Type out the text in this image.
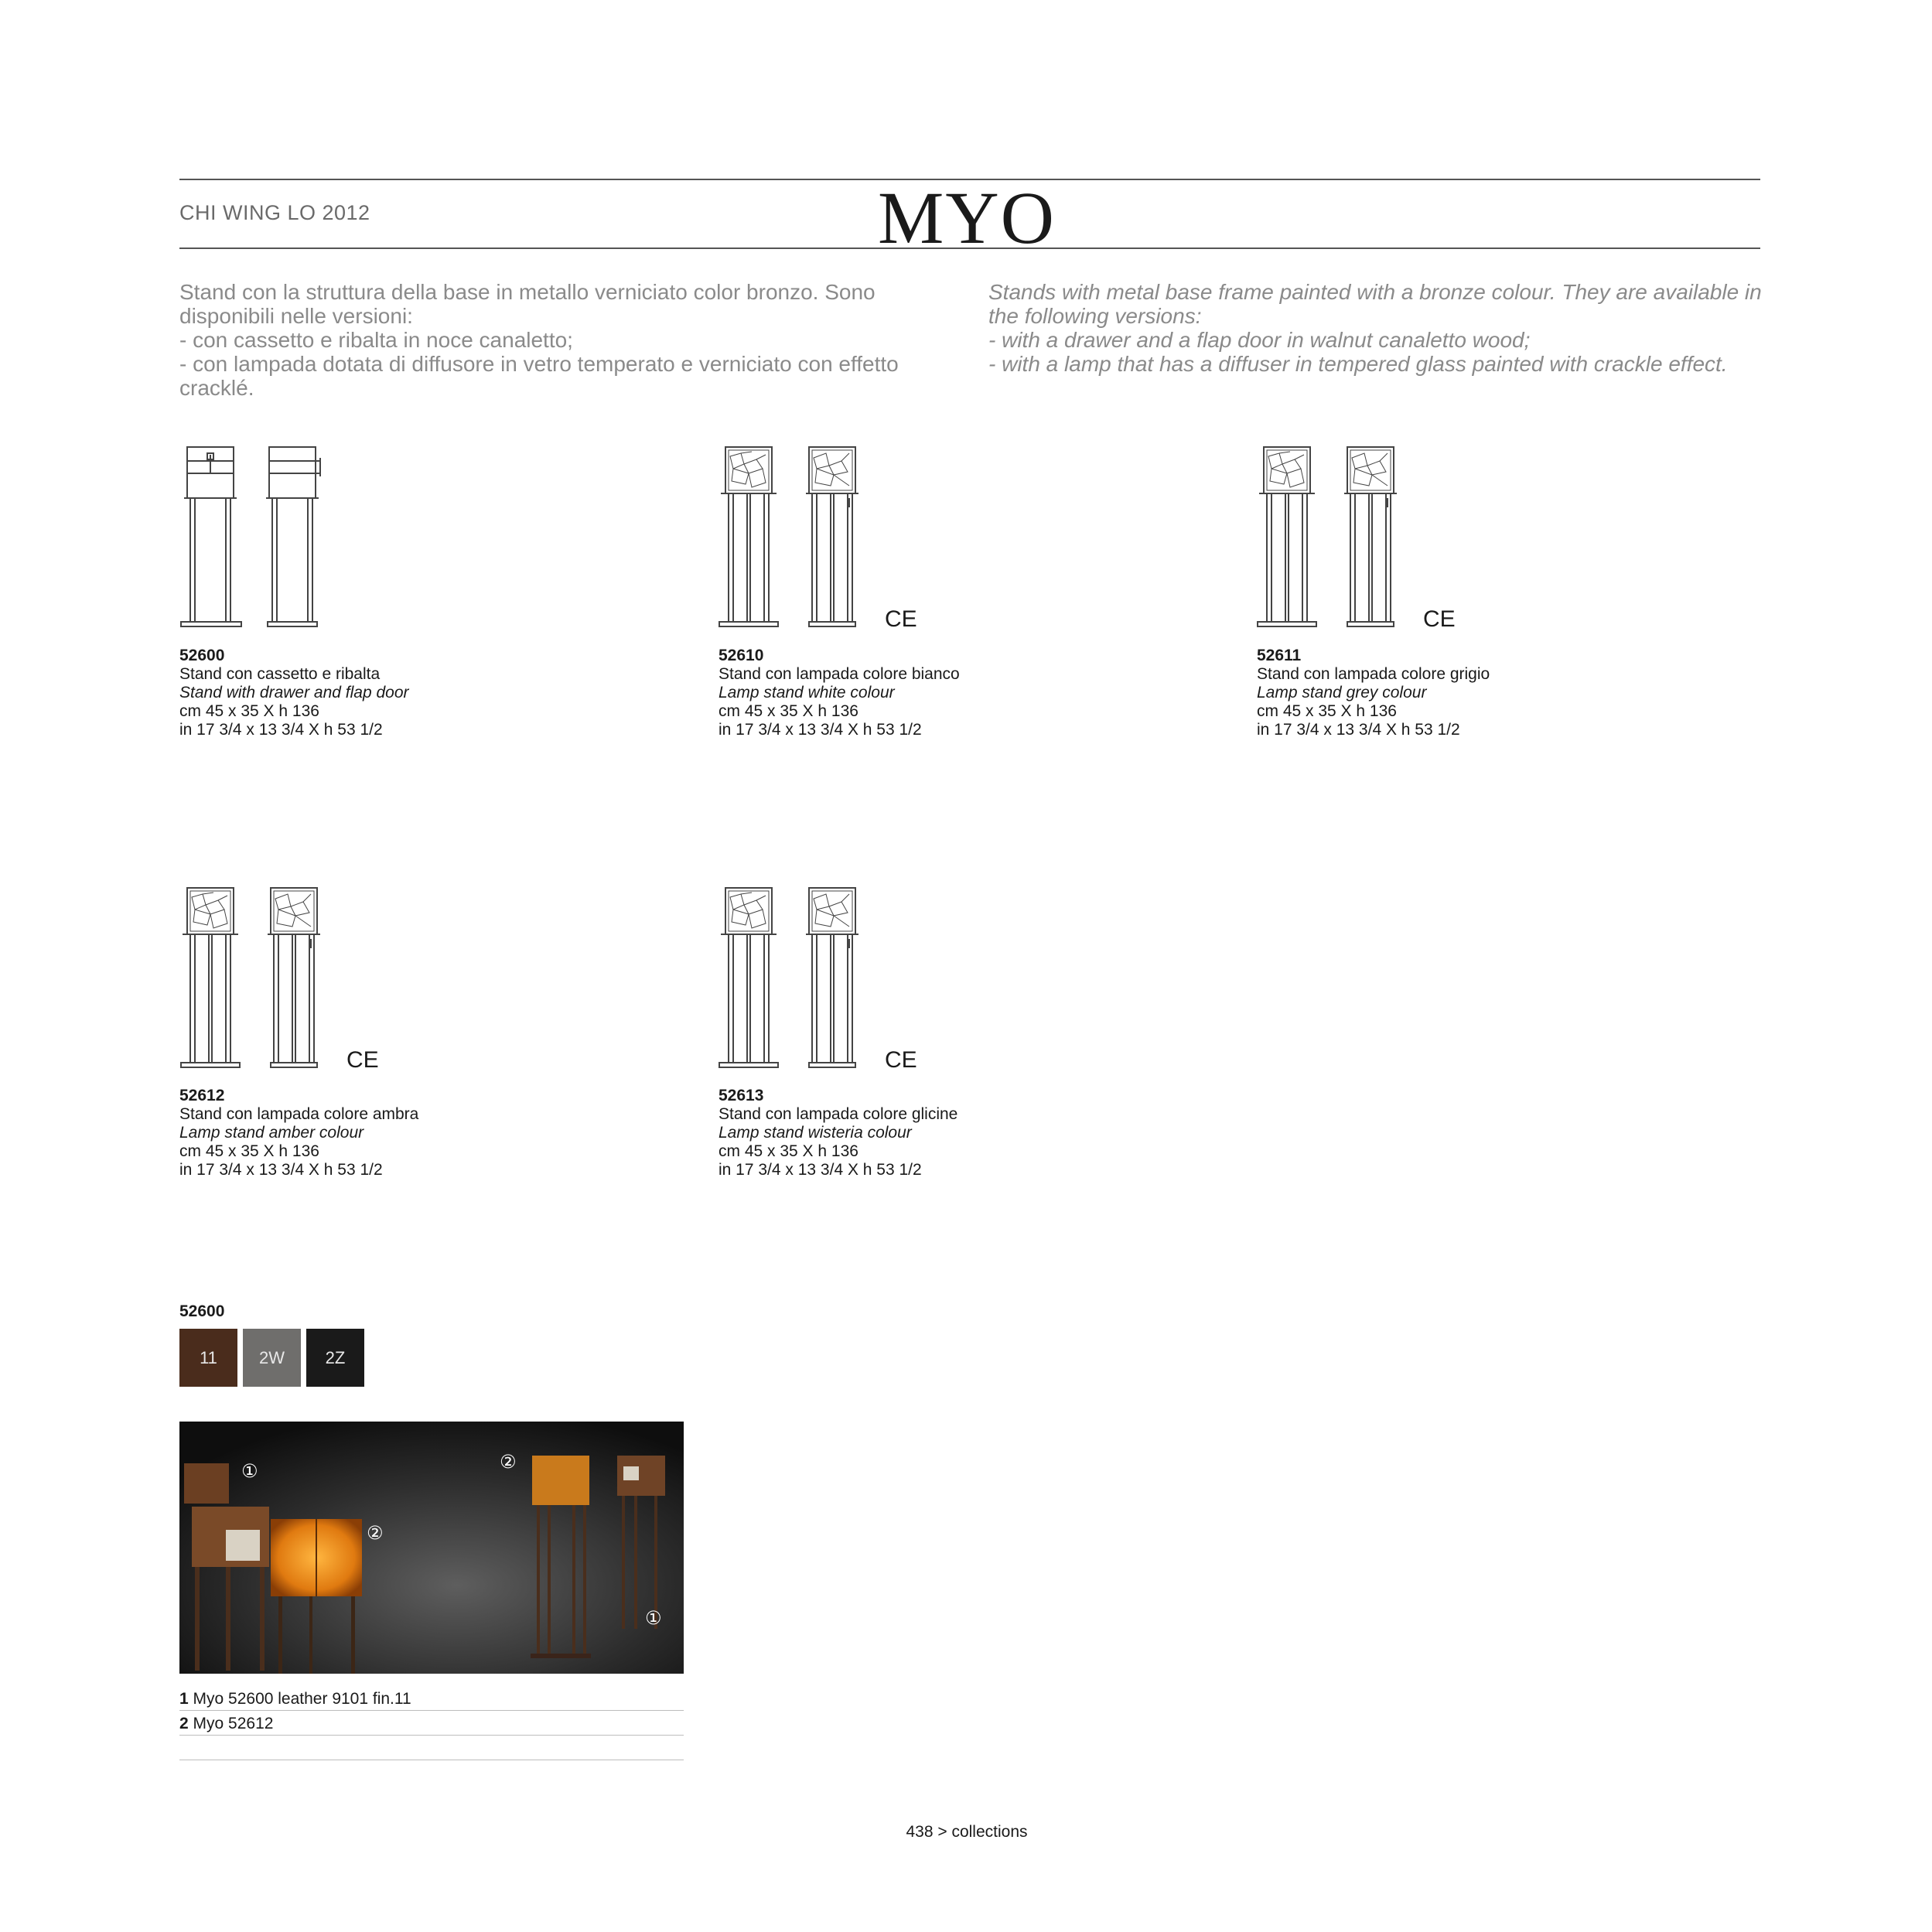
CHI WING LO 2012	MYO

Stand con la struttura della base in metallo verniciato color bronzo. Sono disponibili nelle versioni:

- con cassetto e ribalta in noce canaletto;

- con lampada dotata di diffusore in vetro temperato e verniciato con effetto cracklé.

Stands with metal base frame painted with a bronze colour. They are available in the following versions:

- with a drawer and a flap door in walnut canaletto wood;

- with a lamp that has a diffuser in tempered glass painted with crackle effect.

CE	CE
CE	CE
52600
Stand con cassetto e ribalta
Stand with drawer and flap door
cm 45 x 35 X h 136
in 17 3/4 x 13 3/4 X h 53 1/2
52610
Stand con lampada colore bianco
Lamp stand white colour
cm 45 x 35 X h 136
in 17 3/4 x 13 3/4 X h 53 1/2
52611
Stand con lampada colore grigio
Lamp stand grey colour
cm 45 x 35 X h 136
in 17 3/4 x 13 3/4 X h 53 1/2
52612
Stand con lampada colore ambra
Lamp stand amber colour
cm 45 x 35 X h 136
in 17 3/4 x 13 3/4 X h 53 1/2
52613
Stand con lampada colore glicine
Lamp stand wisteria colour
cm 45 x 35 X h 136
in 17 3/4 x 13 3/4 X h 53 1/2
52600
11 2W 2Z
①
②
②
①
1 Myo 52600 leather 9101 fin.11
2 Myo 52612
438 > collections
